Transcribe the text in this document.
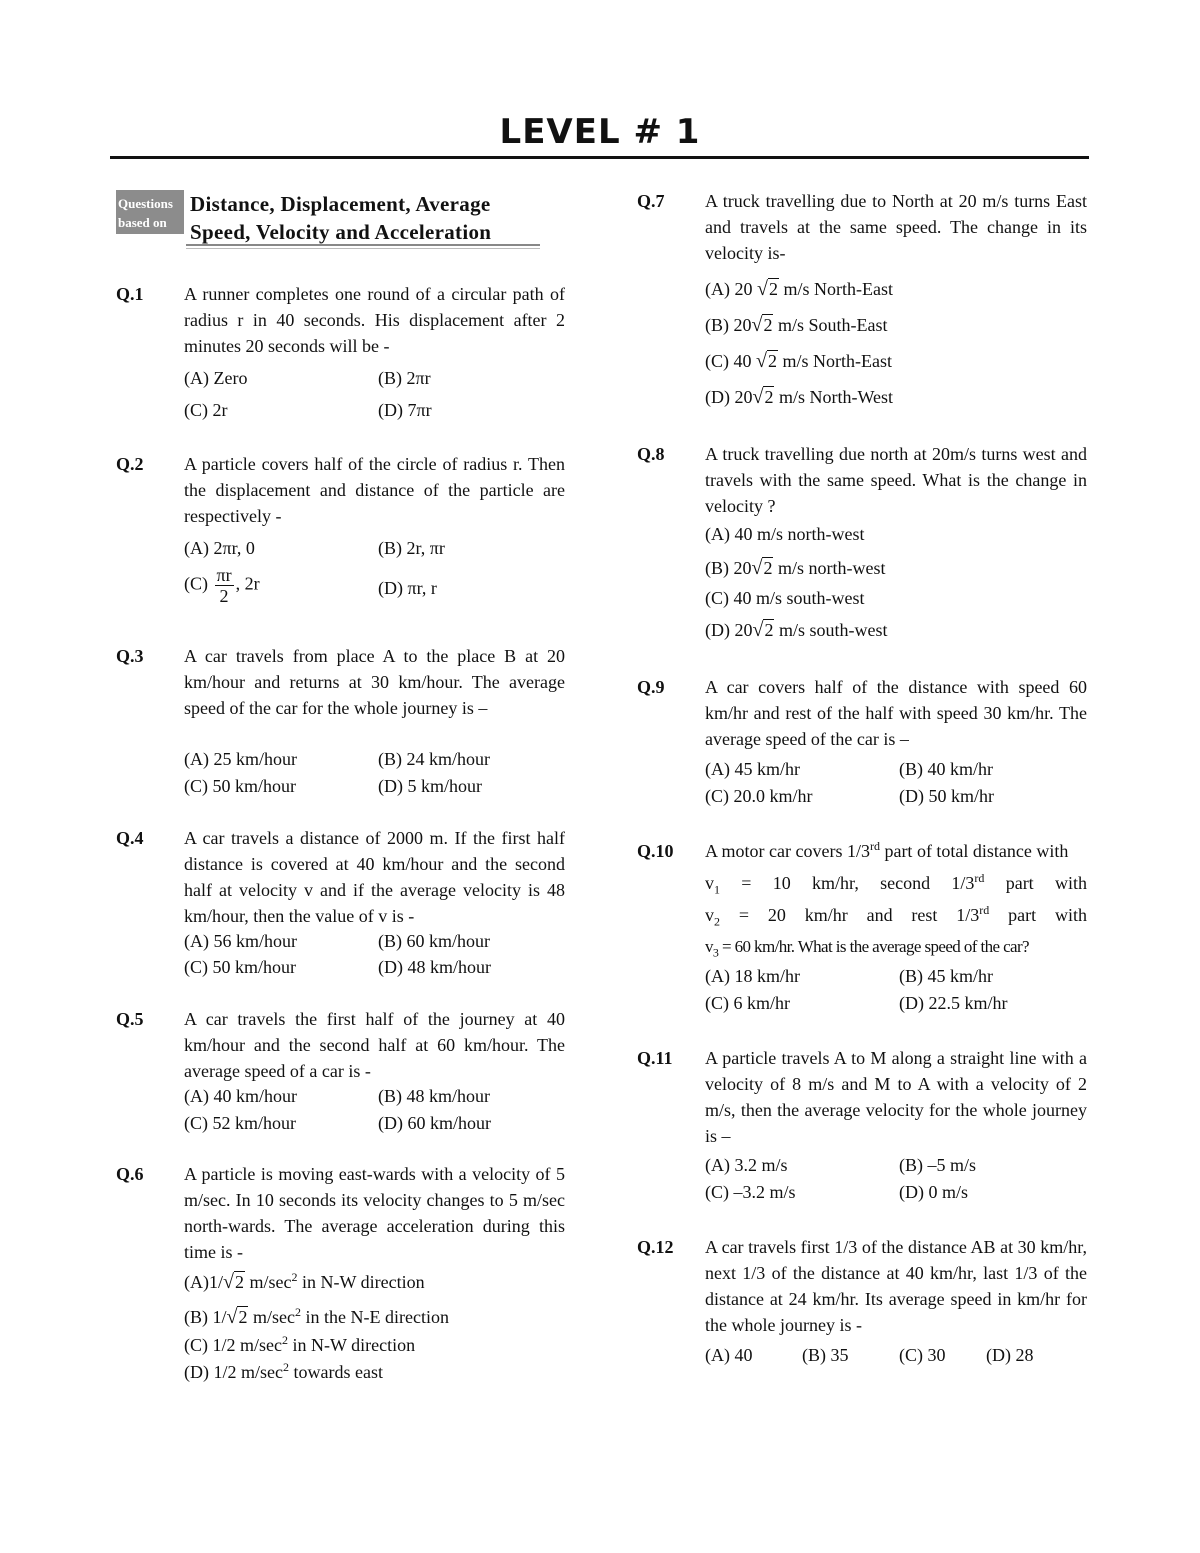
LEVEL # 1
Questions
based on
Distance, Displacement, Average
Speed, Velocity and Acceleration
Q.1 A runner completes one round of a circular path of radius r in 40 seconds. His displacement after 2 minutes 20 seconds will be -
(A) Zero	(B) 2πr
(C) 2r	(D) 7πr
Q.2 A particle covers half of the circle of radius r. Then the displacement and distance of the particle are respectively -
(A) 2πr, 0	(B) 2r, πr
$(C) \frac{\pi r}{2}$ , 2r	(D) πr, r
Q.3 A car travels from place A to the place B at 20 km/hour and returns at 30 km/hour. The average speed of the car for the whole journey is –
(A) 25 km/hour	(B) 24 km/hour
(C) 50 km/hour	(D) 5 km/hour
Q.4 A car travels a distance of 2000 m. If the first half distance is covered at 40 km/hour and the second half at velocity v and if the average velocity is 48 km/hour, then the value of v is -
(A) 56 km/hour	(B) 60 km/hour
(C) 50 km/hour	(D) 48 km/hour
Q.5 A car travels the first half of the journey at 40 km/hour and the second half at 60 km/hour. The average speed of a car is -
(A) 40 km/hour	(B) 48 km/hour
(C) 52 km/hour	(D) 60 km/hour
Q.6 A particle is moving east-wards with a velocity of 5 m/sec. In 10 seconds its velocity changes to 5 m/sec north-wards. The average acceleration during this time is -
(A)1/√2 $m/\sec^2$ in N-W direction
(B) 1/√2 $m/\sec^2$ in the N-E direction
(C) 1/2 $m/\sec^2$ in N-W direction
(D) 1/2 $m/\sec^2$ towards east
Q.7 A truck travelling due to North at 20 m/s turns East and travels at the same speed. The change in its velocity is-
(A) 20 √2 m/s North-East
(B) 20√2 m/s South-East
(C) 40 √2 m/s North-East
(D) 20√2 m/s North-West
Q.8 A truck travelling due north at 20m/s turns west and travels with the same speed. What is the change in velocity ?
(A) 40 m/s north-west
(B) 20√2 m/s north-west
(C) 40 m/s south-west
(D) 20√2 m/s south-west
Q.9 A car covers half of the distance with speed 60 km/hr and rest of the half with speed 30 km/hr. The average speed of the car is –
(A) 45 km/hr	(B) 40 km/hr
(C) 20.0 km/hr	(D) 50 km/hr
Q.10 A motor car covers 1/3rd part of total distance with
$v_1 = 10$ km/hr, second 1/3rd part with
$v_2 = 20$ km/hr and rest 1/3rd part with
$v_3 = 60$ km/hr. What is the average speed of the car?
(A) 18 km/hr	(B) 45 km/hr
(C) 6 km/hr	(D) 22.5 km/hr
Q.11 A particle travels A to M along a straight line with a velocity of 8 m/s and M to A with a velocity of 2 m/s, then the average velocity for the whole journey is –
(A) 3.2 m/s	(B) –5 m/s
(C) –3.2 m/s	(D) 0 m/s
Q.12 A car travels first 1/3 of the distance AB at 30 km/hr, next 1/3 of the distance at 40 km/hr, last 1/3 of the distance at 24 km/hr. Its average speed in km/hr for the whole journey is -
(A) 40	(B) 35	(C) 30 (D) 28
